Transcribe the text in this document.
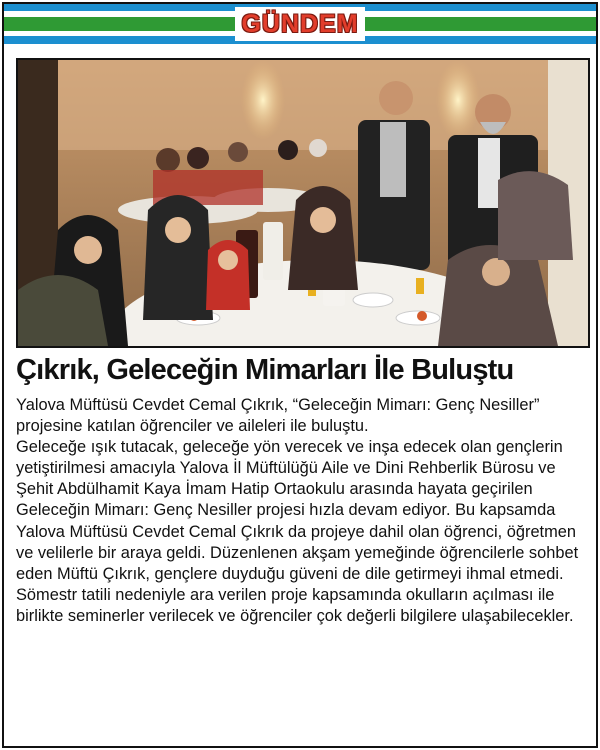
GÜNDEM
Çıkrık, Geleceğin Mimarları İle Buluştu

Yalova Müftüsü Cevdet Cemal Çıkrık, “Geleceğin Mimarı: Genç Nesiller” projesine katılan öğrenciler ve aileleri ile buluştu.

Geleceğe ışık tutacak, geleceğe yön verecek ve inşa edecek olan gençlerin yetiştirilmesi amacıyla Yalova İl Müftülüğü Aile ve Dini Rehberlik Bürosu ve Şehit Abdülhamit Kaya İmam Hatip Ortaokulu arasında hayata geçirilen Geleceğin Mimarı: Genç Nesiller projesi hızla devam ediyor. Bu kapsamda Yalova Müftüsü Cevdet Cemal Çıkrık da projeye dahil olan öğrenci, öğretmen ve velilerle bir araya geldi. Düzenlenen akşam yemeğinde öğrencilerle sohbet eden Müftü Çıkrık, gençlere duyduğu güveni de dile getirmeyi ihmal etmedi. Sömestr tatili nedeniyle ara verilen proje kapsamında okulların açılması ile birlikte seminerler verilecek ve öğrenciler çok değerli bilgilere ulaşabilecekler.
